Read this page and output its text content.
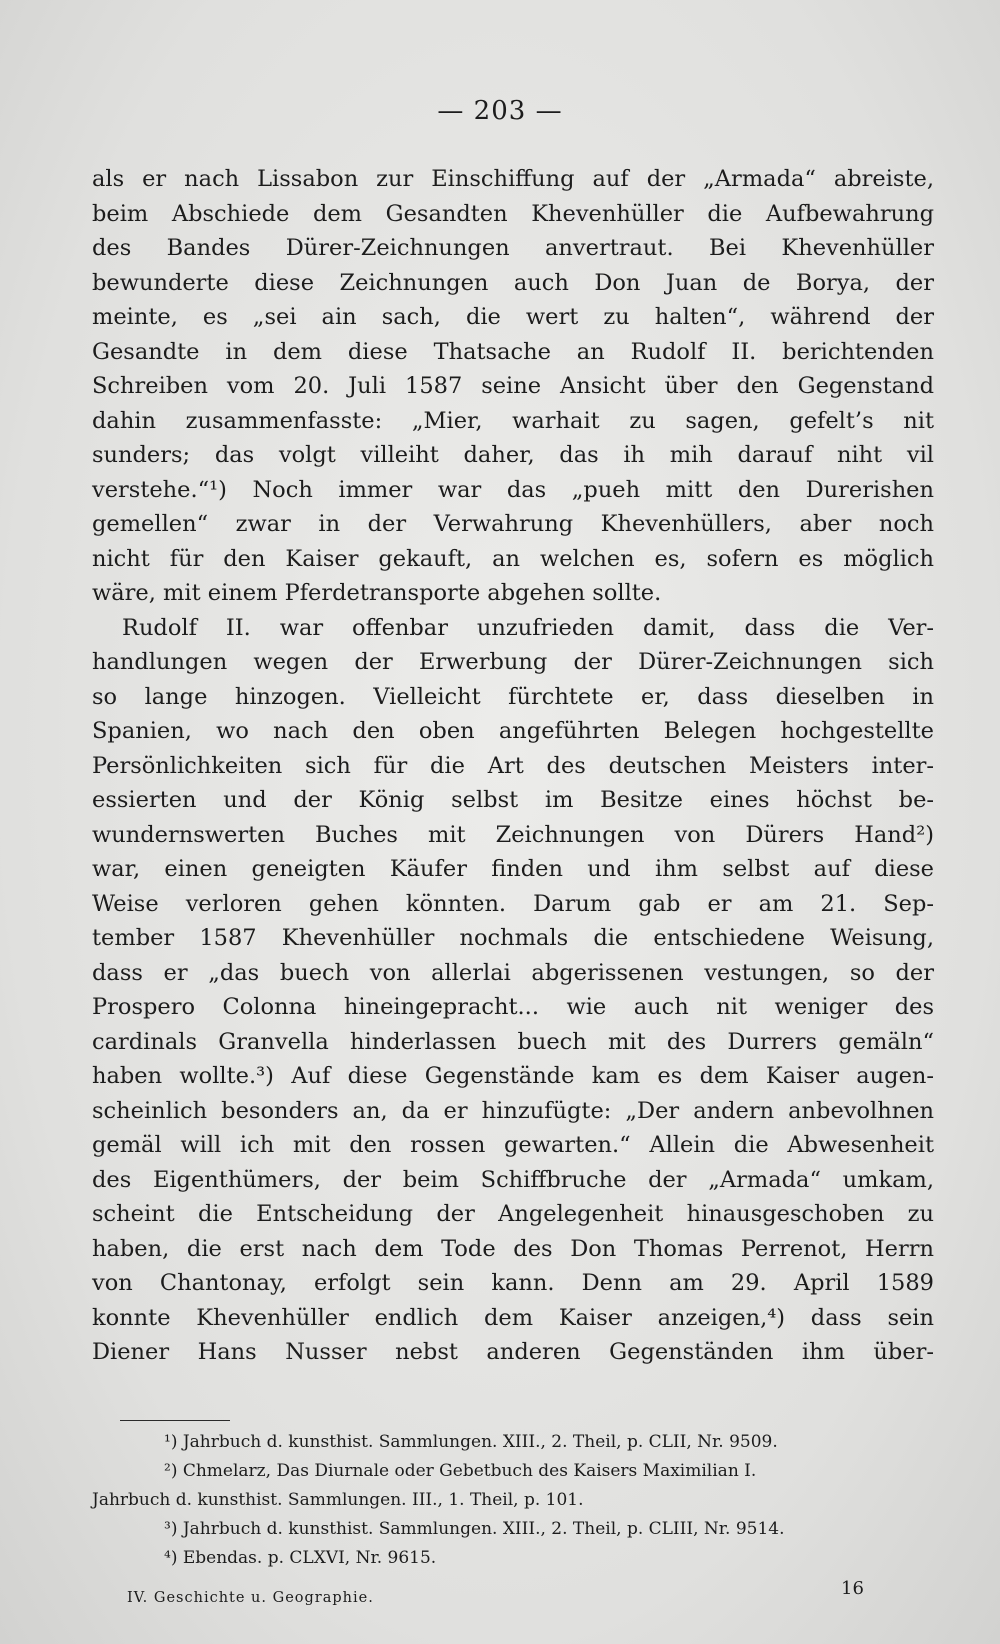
— 203 —
als er nach Lissabon zur Einschiffung auf der „Armada“ abreiste,
beim Abschiede dem Gesandten Khevenhüller die Aufbewahrung
des Bandes Dürer-Zeichnungen anvertraut. Bei Khevenhüller
bewunderte diese Zeichnungen auch Don Juan de Borya, der
meinte, es „sei ain sach, die wert zu halten“, während der
Gesandte in dem diese Thatsache an Rudolf II. berichtenden
Schreiben vom 20. Juli 1587 seine Ansicht über den Gegenstand
dahin zusammenfasste: „Mier, warhait zu sagen, gefelt’s nit
sunders; das volgt villeiht daher, das ih mih darauf niht vil
verstehe.“¹) Noch immer war das „pueh mitt den Durerishen
gemellen“ zwar in der Verwahrung Khevenhüllers, aber noch
nicht für den Kaiser gekauft, an welchen es, sofern es möglich
wäre, mit einem Pferdetransporte abgehen sollte.
Rudolf II. war offenbar unzufrieden damit, dass die Ver-
handlungen wegen der Erwerbung der Dürer-Zeichnungen sich
so lange hinzogen. Vielleicht fürchtete er, dass dieselben in
Spanien, wo nach den oben angeführten Belegen hochgestellte
Persönlichkeiten sich für die Art des deutschen Meisters inter-
essierten und der König selbst im Besitze eines höchst be-
wundernswerten Buches mit Zeichnungen von Dürers Hand²)
war, einen geneigten Käufer finden und ihm selbst auf diese
Weise verloren gehen könnten. Darum gab er am 21. Sep-
tember 1587 Khevenhüller nochmals die entschiedene Weisung,
dass er „das buech von allerlai abgerissenen vestungen, so der
Prospero Colonna hineingepracht... wie auch nit weniger des
cardinals Granvella hinderlassen buech mit des Durrers gemäln“
haben wollte.³) Auf diese Gegenstände kam es dem Kaiser augen-
scheinlich besonders an, da er hinzufügte: „Der andern anbevolhnen
gemäl will ich mit den rossen gewarten.“ Allein die Abwesenheit
des Eigenthümers, der beim Schiffbruche der „Armada“ umkam,
scheint die Entscheidung der Angelegenheit hinausgeschoben zu
haben, die erst nach dem Tode des Don Thomas Perrenot, Herrn
von Chantonay, erfolgt sein kann. Denn am 29. April 1589
konnte Khevenhüller endlich dem Kaiser anzeigen,⁴) dass sein
Diener Hans Nusser nebst anderen Gegenständen ihm über-
¹) Jahrbuch d. kunsthist. Sammlungen. XIII., 2. Theil, p. CLII, Nr. 9509.
²) Chmelarz, Das Diurnale oder Gebetbuch des Kaisers Maximilian I.
Jahrbuch d. kunsthist. Sammlungen. III., 1. Theil, p. 101.
³) Jahrbuch d. kunsthist. Sammlungen. XIII., 2. Theil, p. CLIII, Nr. 9514.
⁴) Ebendas. p. CLXVI, Nr. 9615.
IV. Geschichte u. Geographie.	16
